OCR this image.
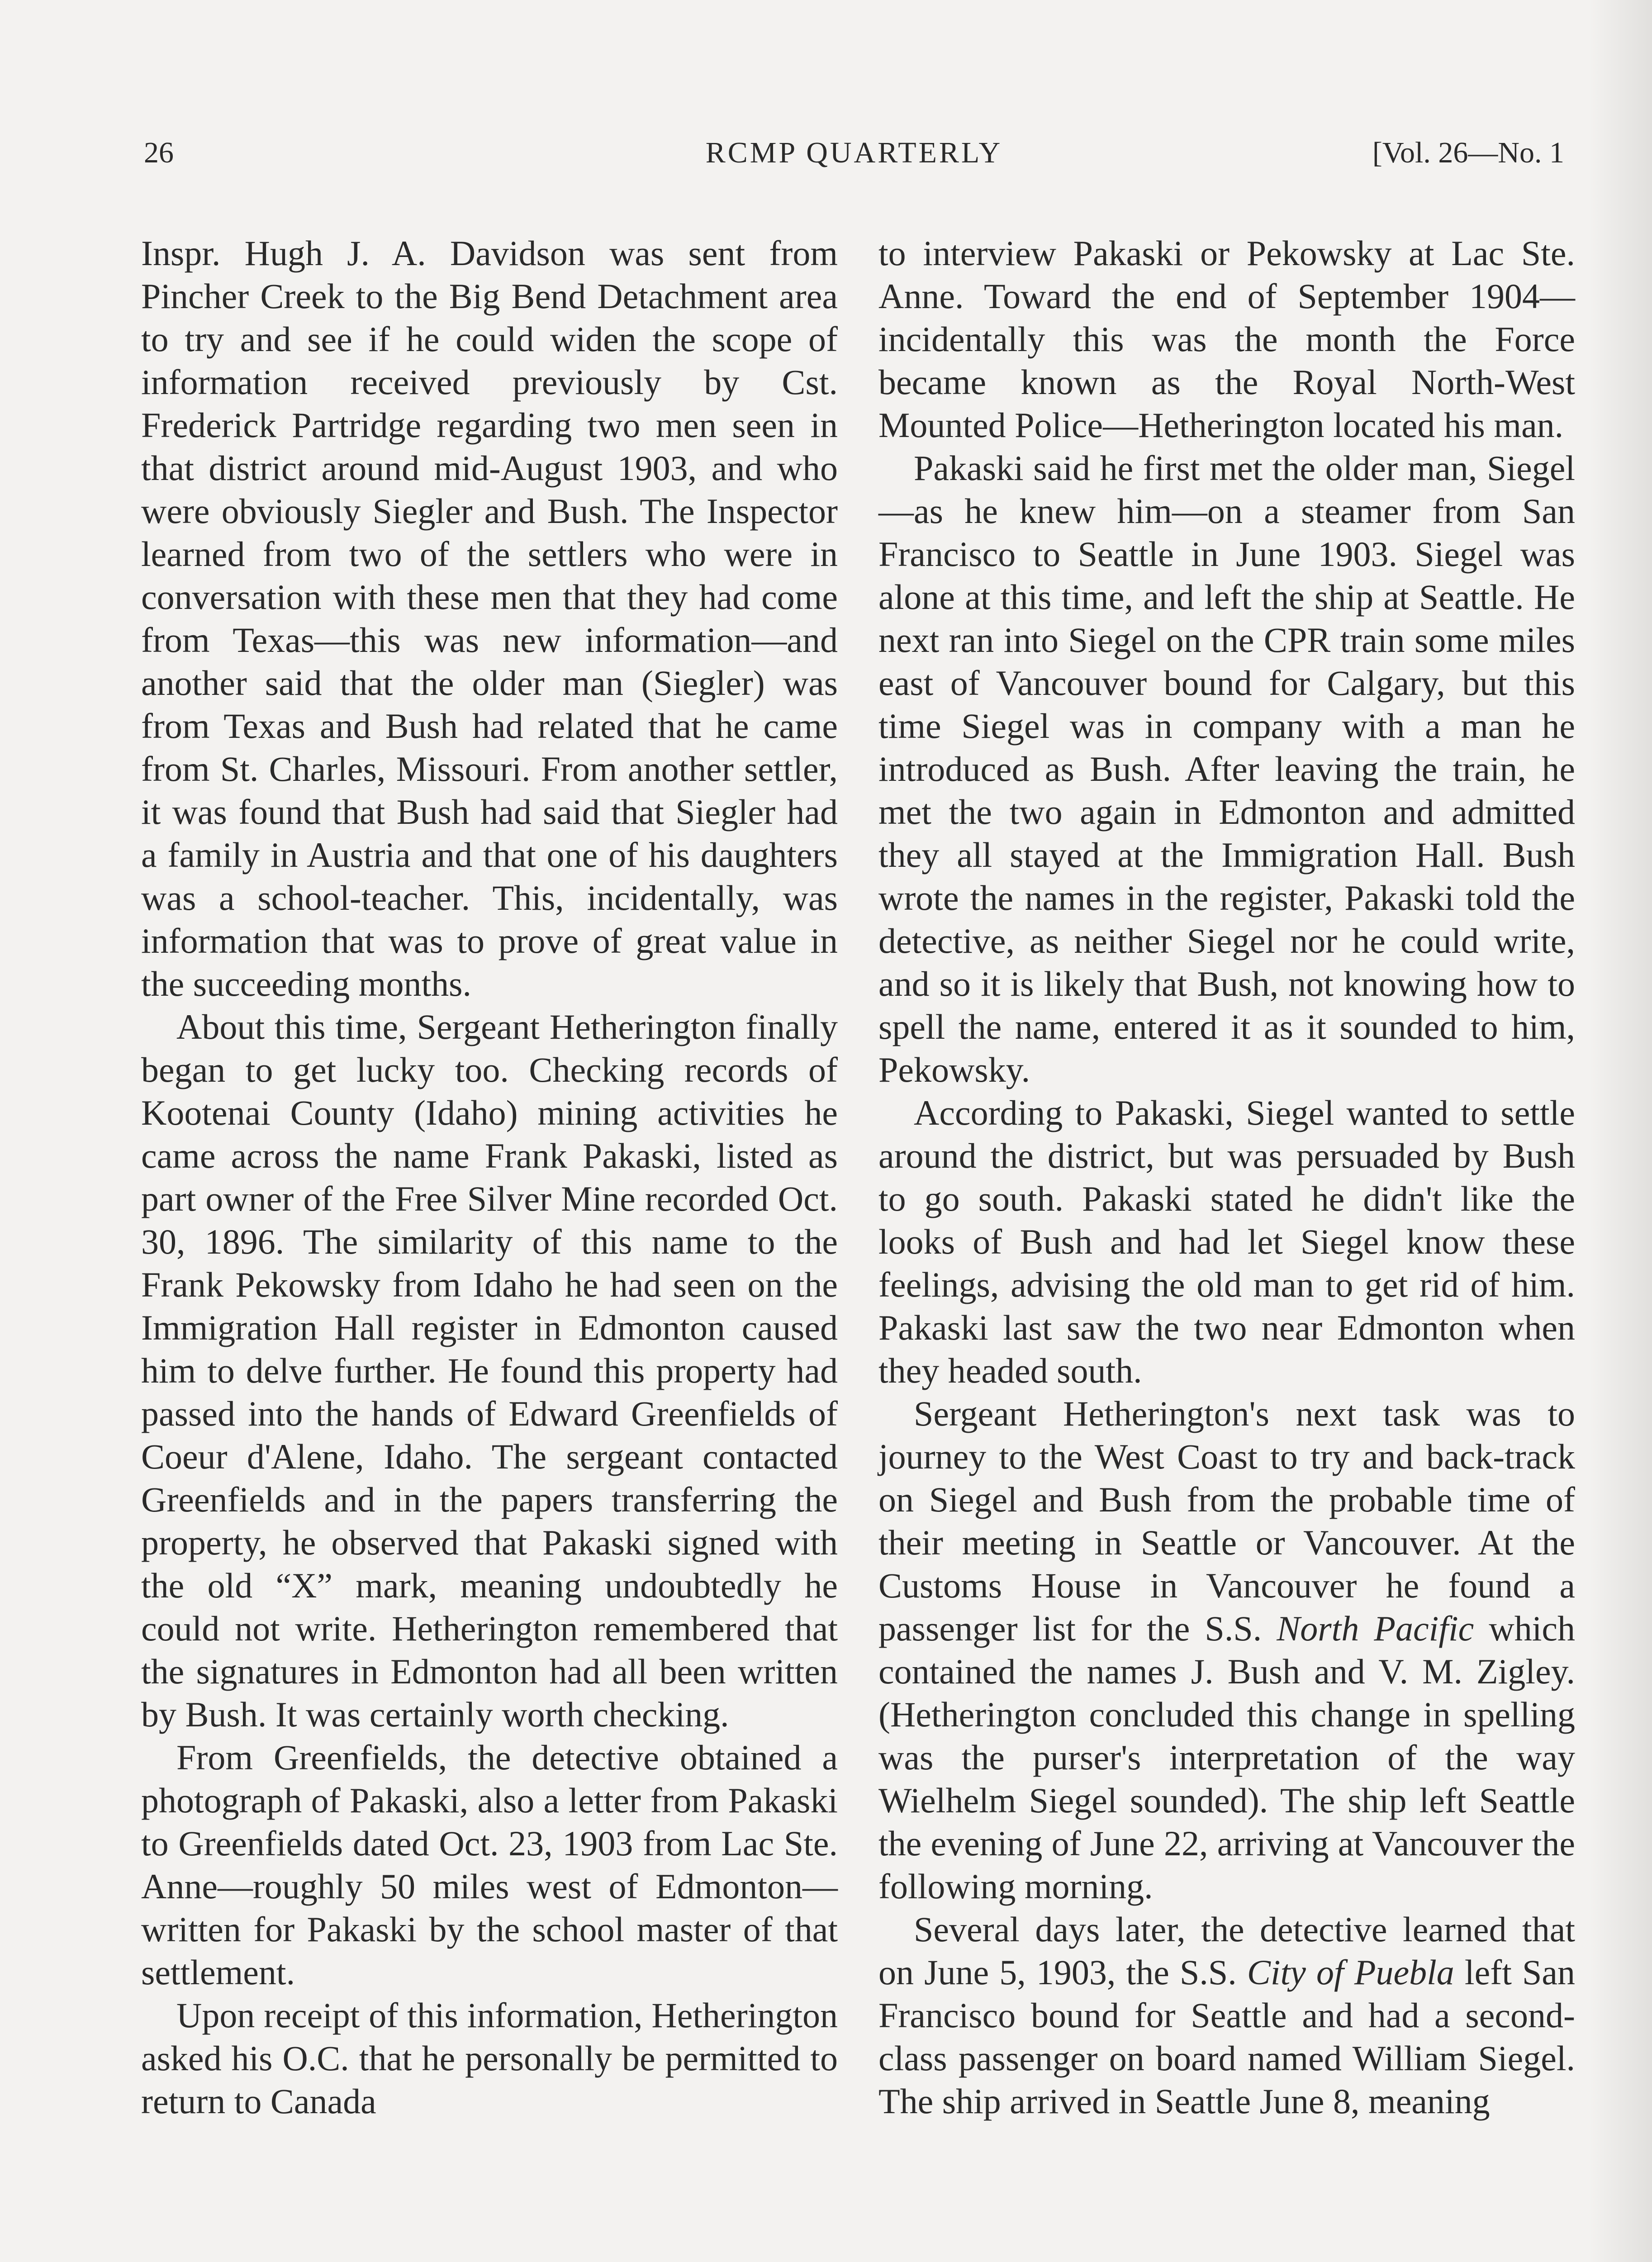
26	RCMP QUARTERLY	[Vol. 26—No. 1

Inspr. Hugh J. A. Davidson was sent from Pincher Creek to the Big Bend Detachment area to try and see if he could widen the scope of information received previously by Cst. Frederick Partridge regarding two men seen in that district around mid-August 1903, and who were obviously Siegler and Bush. The Inspector learned from two of the settlers who were in conversation with these men that they had come from Texas—this was new information—and another said that the older man (Siegler) was from Texas and Bush had related that he came from St. Charles, Missouri. From another settler, it was found that Bush had said that Siegler had a family in Austria and that one of his daughters was a school-teacher. This, incidentally, was information that was to prove of great value in the succeeding months.

About this time, Sergeant Hetherington finally began to get lucky too. Checking records of Kootenai County (Idaho) mining activities he came across the name Frank Pakaski, listed as part owner of the Free Silver Mine recorded Oct. 30, 1896. The similarity of this name to the Frank Pekowsky from Idaho he had seen on the Immigration Hall register in Edmonton caused him to delve further. He found this property had passed into the hands of Edward Greenfields of Coeur d'Alene, Idaho. The sergeant contacted Greenfields and in the papers transferring the property, he observed that Pakaski signed with the old “X” mark, meaning undoubtedly he could not write. Hetherington remembered that the signatures in Edmonton had all been written by Bush. It was certainly worth checking.

From Greenfields, the detective obtained a photograph of Pakaski, also a letter from Pakaski to Greenfields dated Oct. 23, 1903 from Lac Ste. Anne—roughly 50 miles west of Edmonton—written for Pakaski by the school master of that settlement.

Upon receipt of this information, Hetherington asked his O.C. that he personally be permitted to return to Canada

to interview Pakaski or Pekowsky at Lac Ste. Anne. Toward the end of September 1904—incidentally this was the month the Force became known as the Royal North-West Mounted Police—Hetherington located his man.

Pakaski said he first met the older man, Siegel—as he knew him—on a steamer from San Francisco to Seattle in June 1903. Siegel was alone at this time, and left the ship at Seattle. He next ran into Siegel on the CPR train some miles east of Vancouver bound for Calgary, but this time Siegel was in company with a man he introduced as Bush. After leaving the train, he met the two again in Edmonton and admitted they all stayed at the Immigration Hall. Bush wrote the names in the register, Pakaski told the detective, as neither Siegel nor he could write, and so it is likely that Bush, not knowing how to spell the name, entered it as it sounded to him, Pekowsky.

According to Pakaski, Siegel wanted to settle around the district, but was persuaded by Bush to go south. Pakaski stated he didn't like the looks of Bush and had let Siegel know these feelings, advising the old man to get rid of him. Pakaski last saw the two near Edmonton when they headed south.

Sergeant Hetherington's next task was to journey to the West Coast to try and back-track on Siegel and Bush from the probable time of their meeting in Seattle or Vancouver. At the Customs House in Vancouver he found a passenger list for the S.S. North Pacific which contained the names J. Bush and V. M. Zigley. (Hetherington concluded this change in spelling was the purser's interpretation of the way Wielhelm Siegel sounded). The ship left Seattle the evening of June 22, arriving at Vancouver the following morning.

Several days later, the detective learned that on June 5, 1903, the S.S. City of Puebla left San Francisco bound for Seattle and had a second-class passenger on board named William Siegel. The ship arrived in Seattle June 8, meaning
